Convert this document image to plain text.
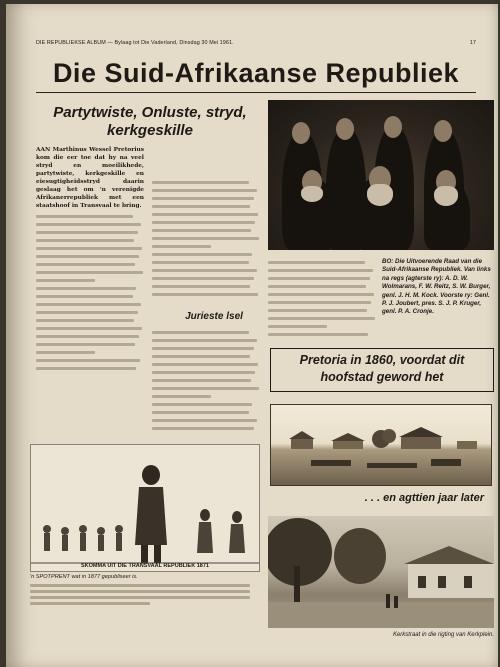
DIE REPUBLIEKSE ALBUM — Bylaag tot Die Vaderland, Dinsdag 30 Mei 1961.	17
Die Suid-Afrikaanse Republiek
Partytwiste, Onluste, stryd, kerkgeskille

AAN Marthinus Wessel Pretorius kom die eer toe dat hy na veel stryd en moeilikhede, partytwiste, kerkgeskille en eiesugtigheidsstryd daarin geslaag het om 'n verenigde Afrikanerrepubliek met een staatshoof in Transvaal te bring.

Jurieste lsel
BO: Die Uitvoerende Raad van die Suid-Afrikaanse Republiek. Van links na regs (agterste ry): A. D. W. Wolmarans, F. W. Reitz, S. W. Burger, genl. J. H. M. Kock. Voorste ry: Genl. P. J. Joubert, pres. S. J. P. Kruger, genl. P. A. Cronje.
Pretoria in 1860, voordat dit hoofstad geword het
. . . en agttien jaar later
Kerkstraat in die rigting van Kerkplein.
SKOMMA UIT DIE TRANSVAAL REPUBLIEK 1871
'n SPOTPRENT wat in 1877 gepubliseer is.
